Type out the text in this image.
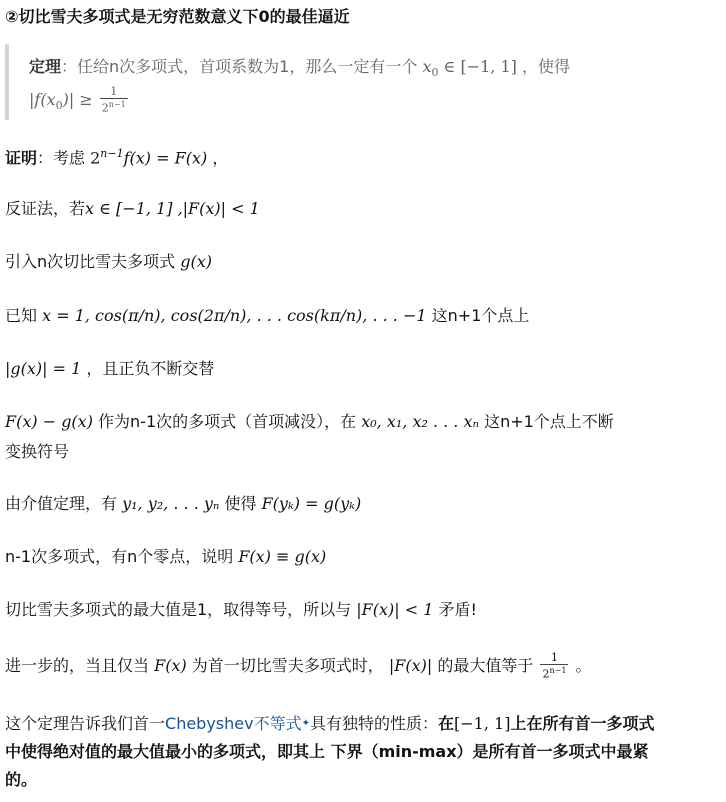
②切比雪夫多项式是无穷范数意义下0的最佳逼近
定理：任给n次多项式，首项系数为1，那么一定有一个 $x_0$ ∈ [−1, 1] ，使得
$|f(x_0)| \ge \frac{1}{2^{n-1}}$
证明：考虑 $2^{n-1}f(x) = F(x)$ ，
反证法，若x ∈ [−1, 1] ,|F(x)| < 1
引入n次切比雪夫多项式 g(x)
已知 x = 1, cos(π/n), cos(2π/n), . . . cos(kπ/n), . . . −1 这n+1个点上
|g(x)| = 1 ，且正负不断交替
F(x) − g(x) 作为n-1次的多项式（首项减没），在 x₀, x₁, x₂ . . . xₙ 这n+1个点上不断
变换符号
由介值定理，有 y₁, y₂, . . . yₙ 使得 F(yₖ) = g(yₖ)
n-1次多项式，有n个零点，说明 F(x) ≡ g(x)
切比雪夫多项式的最大值是1，取得等号，所以与 |F(x)| < 1 矛盾!
进一步的，当且仅当 F(x) 为首一切比雪夫多项式时， |F(x)| 的最大值等于 $\frac{1}{2^{n-1}}$ 。
这个定理告诉我们首一Chebyshev不等式✦具有独特的性质：在[−1, 1]上在所有首一多项式
中使得绝对值的最大值最小的多项式，即其上 下界（min-max）是所有首一多项式中最紧
的。
